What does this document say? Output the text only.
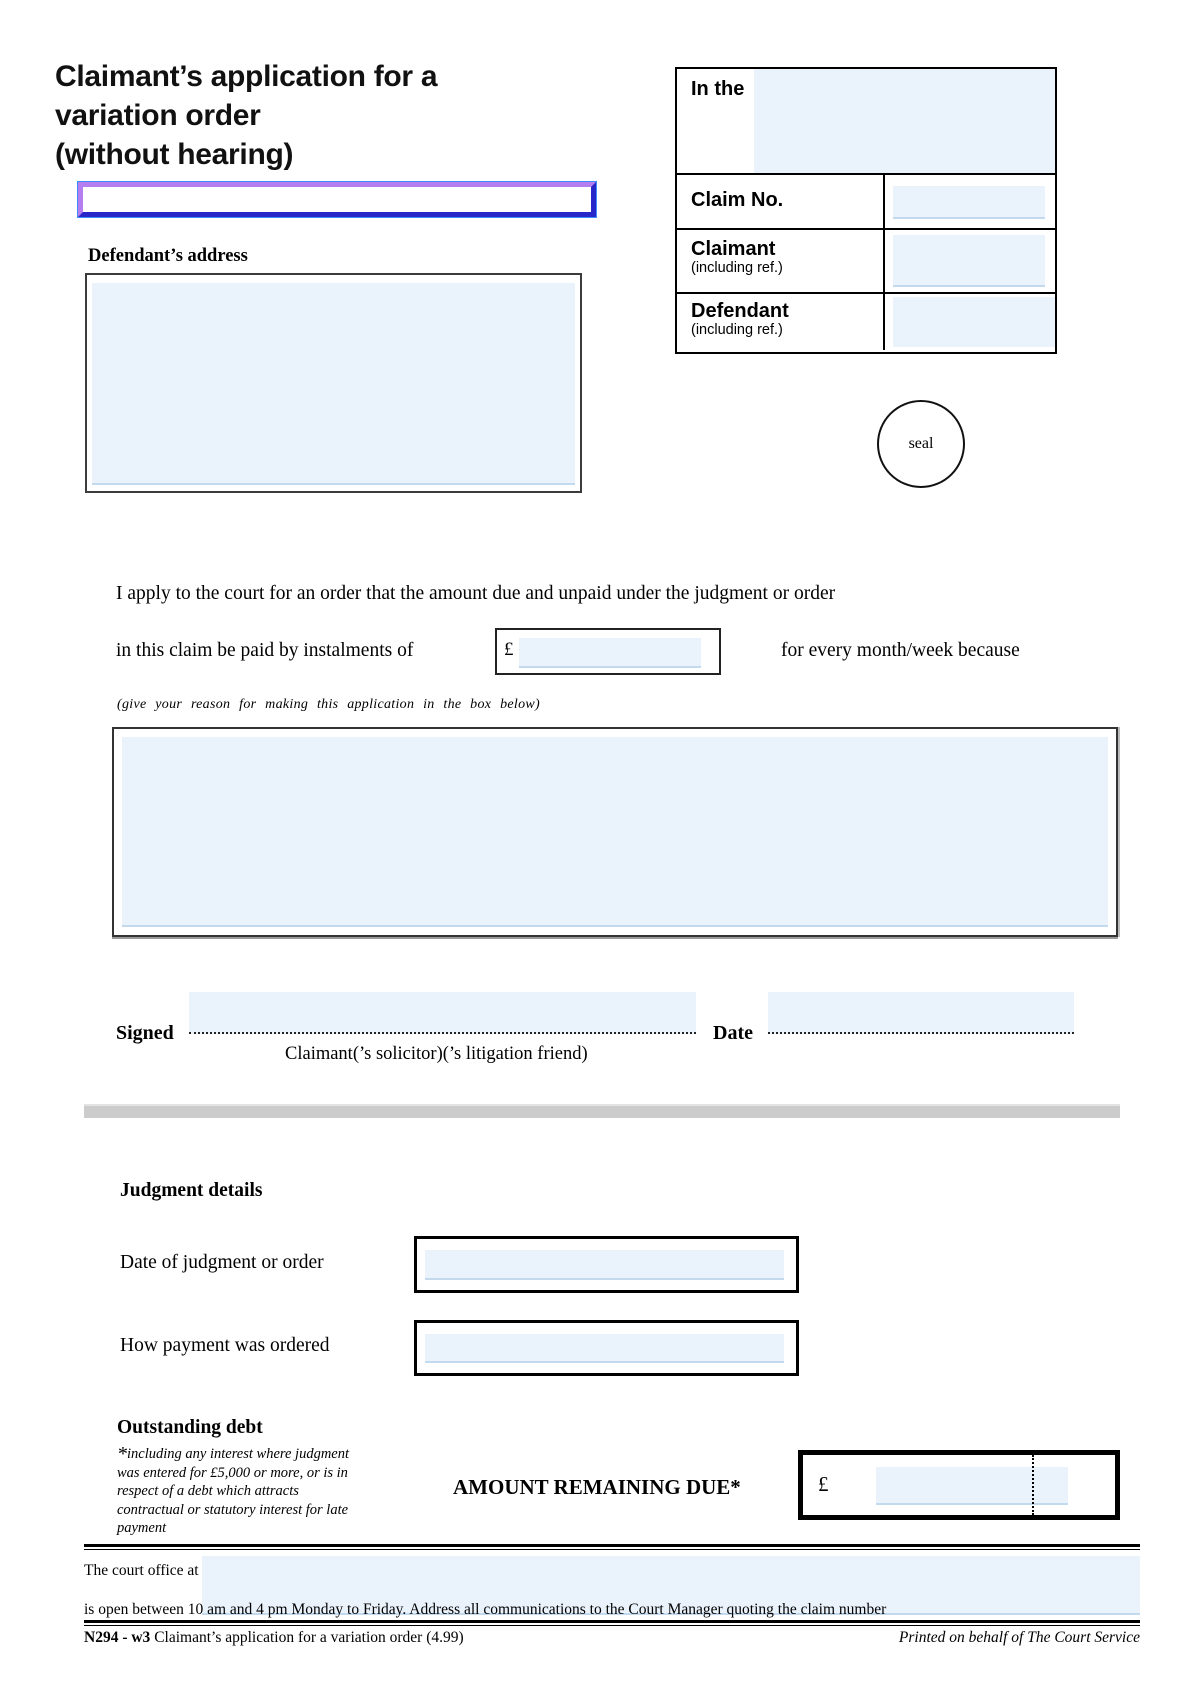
Claimant’s application for a
variation order
(without hearing)
Defendant’s address
In the
Claim No.
Claimant
(including ref.)
Defendant
(including ref.)
seal
I apply to the court for an order that the amount due and unpaid under the judgment or order
in this claim be paid by instalments of	£	for every month/week because
(give your reason for making this application in the box below)
Signed	Date
Claimant(’s solicitor)(’s litigation friend)
Judgment details
Date of judgment or order
How payment was ordered
Outstanding debt
*including any interest where judgment was entered for £5,000 or more, or is in respect of a debt which attracts contractual or statutory interest for late payment
AMOUNT REMAINING DUE*	£
The court office at
is open between 10 am and 4 pm Monday to Friday. Address all communications to the Court Manager quoting the claim number
N294 - w3 Claimant’s application for a variation order (4.99)	Printed on behalf of The Court Service
